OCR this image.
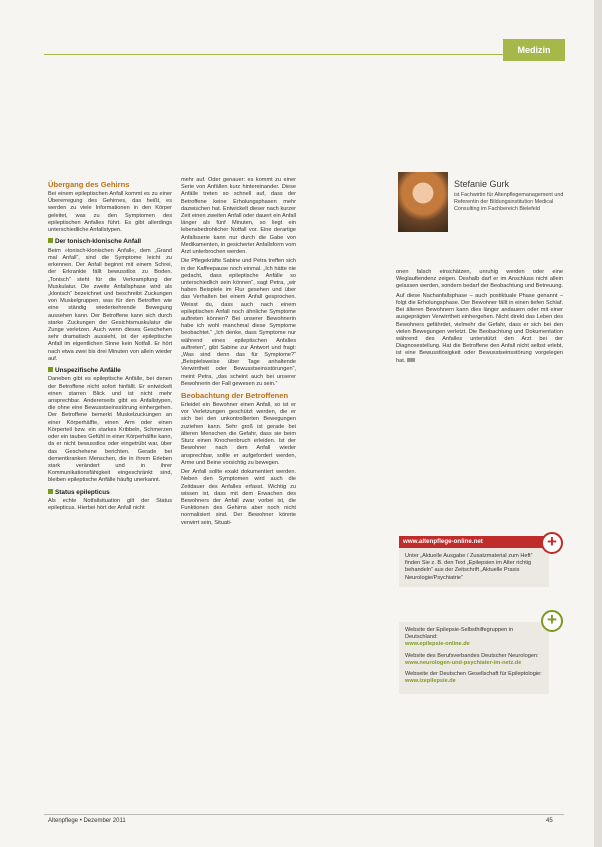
Medizin
Übergang des Gehirns

Bei einem epileptischen Anfall kommt es zu einer Übererregung des Gehirnes, das heißt, es werden zu viele Informationen in den Körper geleitet, was zu den Symptomen des epileptischen Anfalles führt. Es gibt allerdings unterschiedliche Anfallstypen.

Der tonisch-klonische Anfall

Beim »tonisch-klonischen Anfall«, dem „Grand mal Anfall“, sind die Symptome leicht zu erkennen. Der Anfall beginnt mit einem Schrei, der Erkrankte fällt bewusstlos zu Boden. „Tonisch“ steht für die Verkrampfung der Muskulatur. Die zweite Anfallsphase wird als „klonisch“ bezeichnet und beschreibt Zuckungen von Muskelgruppen, was für den Betroffen wie eine ständig wiederkehrende Bewegung aussehen kann. Der Betroffene kann sich durch starke Zuckungen der Gesichtsmuskulatur die Zunge verletzen. Auch wenn dieses Geschehen sehr dramatisch aussieht, ist der epileptische Anfall im eigentlichen Sinne kein Notfall. Er hört nach etwa zwei bis drei Minuten von allein wieder auf.

Unspezifische Anfälle

Daneben gibt es epileptische Anfälle, bei denen der Betroffene nicht sofort hinfällt. Er entwickelt einen starren Blick und ist nicht mehr ansprechbar. Andererseits gibt es Anfallstypen, die ohne eine Bewusstseinsstörung einhergehen. Der Betroffene bemerkt Muskelzuckungen an einer Körperhälfte, einen Arm oder einen Körperteil bzw. ein starkes Kribbeln, Schmerzen oder ein taubes Gefühl in einer Körperhälfte kann, da er nicht bewusstlos oder eingetrübt war, über das Geschehene berichten. Gerade bei dementkranken Menschen, die in ihrem Erleben stark verändert und in ihrer Kommunikationsfähigkeit eingeschränkt sind, bleiben epileptische Anfälle häufig unerkannt.

Status epilepticus

Als echte Notfallsituation gilt der Status epilepticus. Hierbei hört der Anfall nicht

mehr auf. Oder genauer: es kommt zu einer Serie von Anfällen kurz hintereinander. Diese Anfälle treten so schnell auf, dass der Betroffene keine Erholungsphasen mehr dazwischen hat. Entwickelt dieser nach kurzer Zeit einen zweiten Anfall oder dauert ein Anfall länger als fünf Minuten, so liegt ein lebensbedrohlicher Notfall vor. Eine derartige Anfallsserie kann nur durch die Gabe von Medikamenten, in gesicherter Anfallsform vom Arzt unterbrochen werden.

Die Pflegekräfte Sabine und Petra treffen sich in der Kaffeepause noch einmal. „Ich hätte nie gedacht, dass epileptische Anfälle so unterschiedlich sein können“, sagt Petra, „wir haben Beispiele im Flur gesehen und über das Verhalten bei einem Anfall gesprochen. Weisst du, dass auch nach einem epileptischen Anfall noch ähnliche Symptome auftreten können? Bei unserer Bewohnerin habe ich wohl manchmal diese Symptome beobachtet.“ „Ich denke, dass Symptome nur während eines epileptischen Anfalles auftreten“, gibt Sabine zur Antwort und fragt: „Was sind denn das für Symptome?“ „Beispielsweise über Tage anhaltende Verwirrtheit oder Bewusstseinsstörungen“, meint Petra, „das scheint auch bei unserer Bewohnerin der Fall gewesen zu sein.“

Beobachtung der Betroffenen

Erleidet ein Bewohner einen Anfall, so ist er vor Verletzungen geschützt werden, die er sich bei den unkontrollierten Bewegungen zuziehen kann. Sehr groß ist gerade bei älteren Menschen die Gefahr, dass sie beim Sturz einen Knochenbruch erleiden. Ist der Bewohner nach dem Anfall wieder ansprechbar, sollte er aufgefordert werden, Arme und Beine vorsichtig zu bewegen.

Der Anfall sollte exakt dokumentiert werden. Neben den Symptomen wird auch die Zeitdauer des Anfalles erfasst. Wichtig zu wissen ist, dass mit dem Erwachen des Bewohners der Anfall zwar vorbei ist, die Funktionen des Gehirns aber noch nicht normalisiert sind. Der Bewohner könnte verwirrt sein, Situati-

Stefanie Gurk
ist Fachwirtin für Altenpflegemanagement und Referentin der Bildungsinstitution Medical Consulting im Fachbereich Bielefeld

onen falsch einschätzen, unruhig werden oder eine Weglauftendenz zeigen. Deshalb darf er im Anschluss nicht allein gelassen werden, sondern bedarf der Beobachtung und Betreuung.

Auf diese Nachanfallsphase – auch postiktuale Phase genannt – folgt die Erholungsphase. Der Bewohner fällt in einen tiefen Schlaf. Bei älteren Bewohnern kann dies länger andauern oder mit einer ausgeprägten Verwirrtheit einhergehen. Nicht direkt das Leben des Bewohners gefährdet, vielmehr die Gefahr, dass er sich bei den vielen Bewegungen verletzt. Die Beobachtung und Dokumentation während des Anfalles unterstützt den Arzt bei der Diagnosestellung. Hat die Betroffene den Anfall nicht selbst erlebt, ist eine Bewusstlosigkeit oder Bewusstseinsstörung vorgelegen hat.

www.altenpflege-online.net	+
Unter „Aktuelle Ausgabe / Zusatzmaterial zum Heft“ finden Sie z. B. den Text „Epilepsien im Alter richtig behandeln“ aus der Zeitschrift „Aktuelle Praxis Neurologie/Psychiatrie“
+

Website der Epilepsie-Selbsthilfegruppen in Deutschland:
www.epilepsie-online.de

Website des Berufsverbandes Deutscher Neurologen:
www.neurologen-und-psychiater-im-netz.de

Webseite der Deutschen Gesellschaft für Epileptologie:
www.izepilepsie.de

Altenpflege • Dezember 2011	45
